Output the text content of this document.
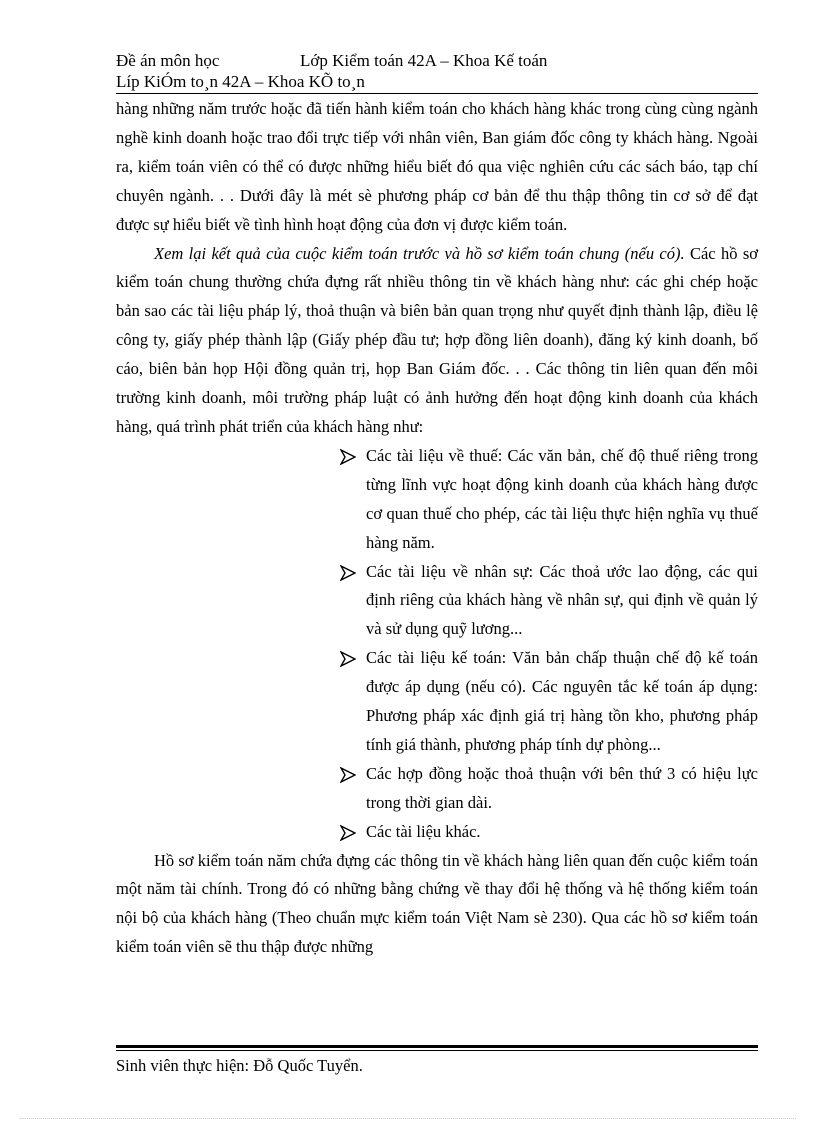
Đề án môn học	Lớp Kiểm toán 42A – Khoa Kế toán
Líp KiÓm to¸n 42A – Khoa KÕ to¸n

hàng những năm trước hoặc đã tiến hành kiểm toán cho khách hàng khác trong cùng cùng ngành nghề kinh doanh hoặc trao đổi trực tiếp với nhân viên, Ban giám đốc công ty khách hàng. Ngoài ra, kiểm toán viên có thể có được những hiểu biết đó qua việc nghiên cứu các sách báo, tạp chí chuyên ngành. . . Dưới đây là mét sè phương pháp cơ bản để thu thập thông tin cơ sở để đạt được sự hiểu biết về tình hình hoạt động của đơn vị được kiểm toán.

Xem lại kết quả của cuộc kiểm toán trước và hồ sơ kiểm toán chung (nếu có). Các hồ sơ kiểm toán chung thường chứa đựng rất nhiều thông tin về khách hàng như: các ghi chép hoặc bản sao các tài liệu pháp lý, thoả thuận và biên bản quan trọng như quyết định thành lập, điều lệ công ty, giấy phép thành lập (Giấy phép đầu tư; hợp đồng liên doanh), đăng ký kinh doanh, bố cáo, biên bản họp Hội đồng quản trị, họp Ban Giám đốc. . . Các thông tin liên quan đến môi trường kinh doanh, môi trường pháp luật có ảnh hưởng đến hoạt động kinh doanh của khách hàng, quá trình phát triển của khách hàng như:

Các tài liệu về thuế: Các văn bản, chế độ thuế riêng trong từng lĩnh vực hoạt động kinh doanh của khách hàng được cơ quan thuế cho phép, các tài liệu thực hiện nghĩa vụ thuế hàng năm.
Các tài liệu về nhân sự: Các thoả ước lao động, các qui định riêng của khách hàng về nhân sự, qui định về quản lý và sử dụng quỹ lương...
Các tài liệu kế toán: Văn bản chấp thuận chế độ kế toán được áp dụng (nếu có). Các nguyên tắc kế toán áp dụng: Phương pháp xác định giá trị hàng tồn kho, phương pháp tính giá thành, phương pháp tính dự phòng...
Các hợp đồng hoặc thoả thuận với bên thứ 3 có hiệu lực trong thời gian dài.
Các tài liệu khác.

Hồ sơ kiểm toán năm chứa đựng các thông tin về khách hàng liên quan đến cuộc kiểm toán một năm tài chính. Trong đó có những bằng chứng về thay đổi hệ thống và hệ thống kiểm toán nội bộ của khách hàng (Theo chuẩn mực kiểm toán Việt Nam sè 230). Qua các hồ sơ kiểm toán kiểm toán viên sẽ thu thập được những

Sinh viên thực hiện: Đỗ Quốc Tuyển.
